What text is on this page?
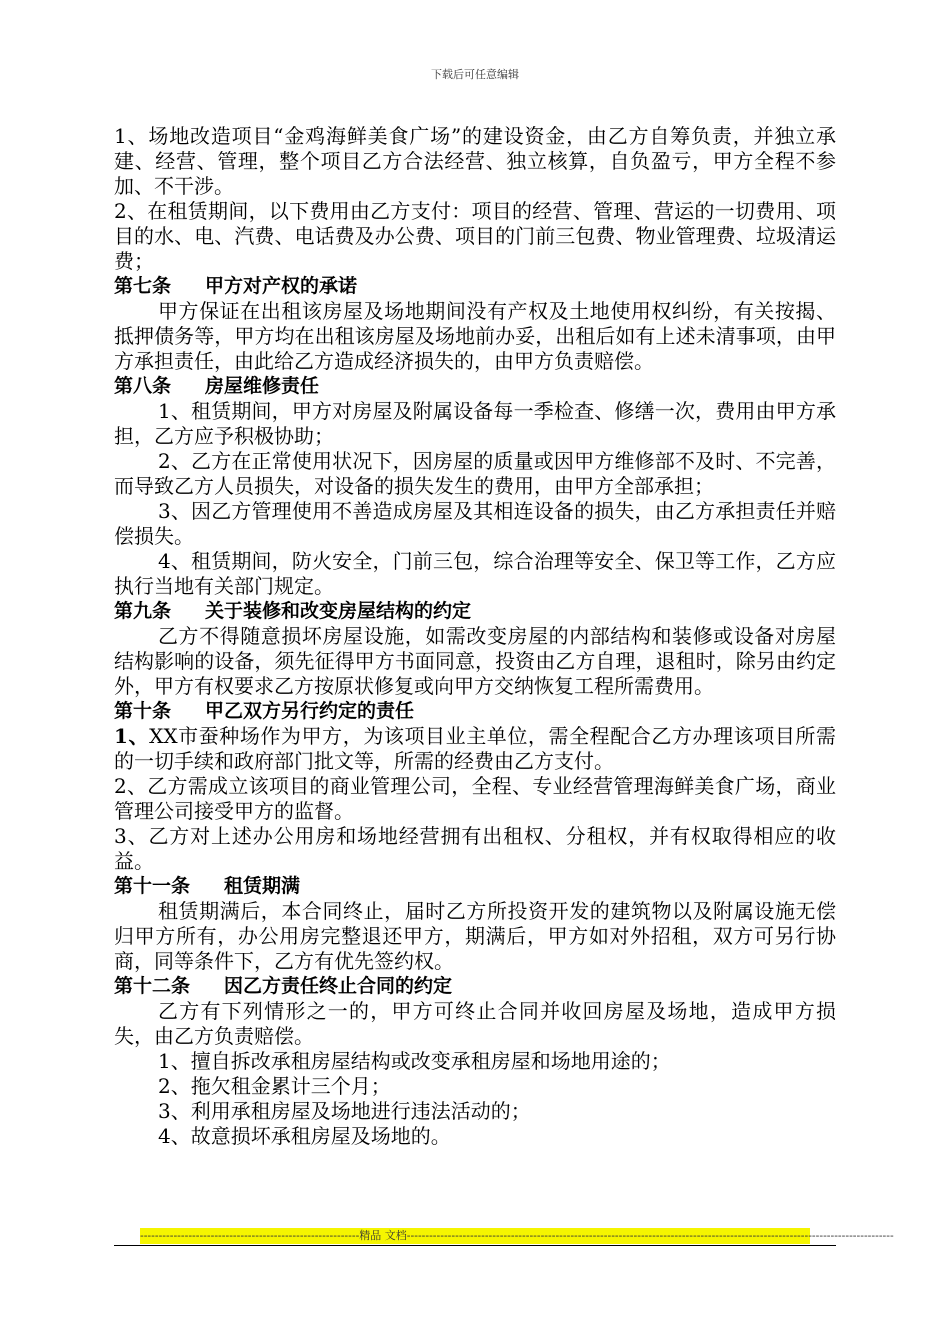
下载后可任意编辑

1、场地改造项目“金鸡海鲜美食广场”的建设资金，由乙方自筹负责，并独立承建、经营、管理，整个项目乙方合法经营、独立核算，自负盈亏，甲方全程不参加、不干涉。

2、在租赁期间，以下费用由乙方支付：项目的经营、管理、营运的一切费用、项目的水、电、汽费、电话费及办公费、项目的门前三包费、物业管理费、垃圾清运费；

第七条 甲方对产权的承诺

甲方保证在出租该房屋及场地期间没有产权及土地使用权纠纷，有关按揭、抵押债务等，甲方均在出租该房屋及场地前办妥，出租后如有上述未清事项，由甲方承担责任，由此给乙方造成经济损失的，由甲方负责赔偿。

第八条 房屋维修责任

1、租赁期间，甲方对房屋及附属设备每一季检查、修缮一次，费用由甲方承担，乙方应予积极协助；

2、乙方在正常使用状况下，因房屋的质量或因甲方维修部不及时、不完善，而导致乙方人员损失，对设备的损失发生的费用，由甲方全部承担；

3、因乙方管理使用不善造成房屋及其相连设备的损失，由乙方承担责任并赔偿损失。

4、租赁期间，防火安全，门前三包，综合治理等安全、保卫等工作，乙方应执行当地有关部门规定。

第九条 关于装修和改变房屋结构的约定

乙方不得随意损坏房屋设施，如需改变房屋的内部结构和装修或设备对房屋结构影响的设备，须先征得甲方书面同意，投资由乙方自理，退租时，除另由约定外，甲方有权要求乙方按原状修复或向甲方交纳恢复工程所需费用。

第十条 甲乙双方另行约定的责任

1、XX市蚕种场作为甲方，为该项目业主单位，需全程配合乙方办理该项目所需的一切手续和政府部门批文等，所需的经费由乙方支付。

2、乙方需成立该项目的商业管理公司，全程、专业经营管理海鲜美食广场，商业管理公司接受甲方的监督。

3、乙方对上述办公用房和场地经营拥有出租权、分租权，并有权取得相应的收益。

第十一条 租赁期满

租赁期满后，本合同终止，届时乙方所投资开发的建筑物以及附属设施无偿归甲方所有，办公用房完整退还甲方，期满后，甲方如对外招租，双方可另行协商，同等条件下，乙方有优先签约权。

第十二条 因乙方责任终止合同的约定

乙方有下列情形之一的，甲方可终止合同并收回房屋及场地，造成甲方损失，由乙方负责赔偿。

1、擅自拆改承租房屋结构或改变承租房屋和场地用途的；

2、拖欠租金累计三个月；

3、利用承租房屋及场地进行违法活动的；

4、故意损坏承租房屋及场地的。

-----------------------------------------------------------精品 文档-----------------------------------------------------------------------------------------------------------------------------------
